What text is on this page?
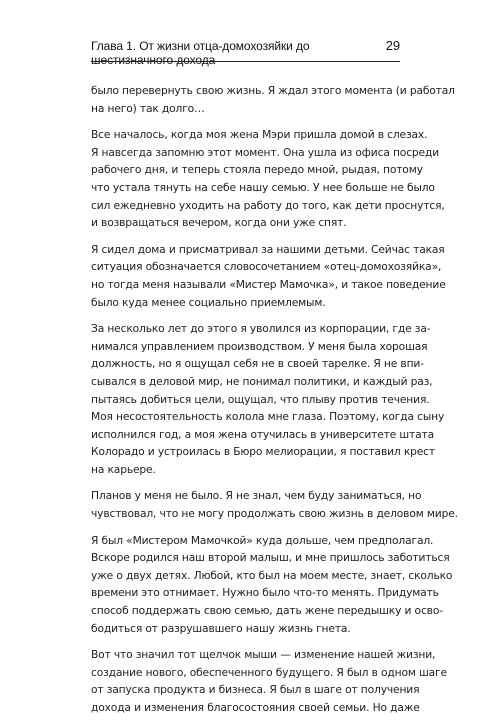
Глава 1. От жизни отца-домохозяйки до шестизначного дохода
29

было перевернуть свою жизнь. Я ждал этого момента (и работал
на него) так долго…

Все началось, когда моя жена Мэри пришла домой в слезах.
Я навсегда запомню этот момент. Она ушла из офиса посреди
рабочего дня, и теперь стояла передо мной, рыдая, потому
что устала тянуть на себе нашу семью. У нее больше не было
сил ежедневно уходить на работу до того, как дети проснутся,
и возвращаться вечером, когда они уже спят.

Я сидел дома и присматривал за нашими детьми. Сейчас такая
ситуация обозначается словосочетанием «отец-домохозяйка»,
но тогда меня называли «Мистер Мамочка», и такое поведение
было куда менее социально приемлемым.

За несколько лет до этого я уволился из корпорации, где за-
нимался управлением производством. У меня была хорошая
должность, но я ощущал себя не в своей тарелке. Я не впи-
сывался в деловой мир, не понимал политики, и каждый раз,
пытаясь добиться цели, ощущал, что плыву против течения.
Моя несостоятельность колола мне глаза. Поэтому, когда сыну
исполнился год, а моя жена отучилась в университете штата
Колорадо и устроилась в Бюро мелиорации, я поставил крест
на карьере.

Планов у меня не было. Я не знал, чем буду заниматься, но
чувствовал, что не могу продолжать свою жизнь в деловом мире.

Я был «Мистером Мамочкой» куда дольше, чем предполагал.
Вскоре родился наш второй малыш, и мне пришлось заботиться
уже о двух детях. Любой, кто был на моем месте, знает, сколько
времени это отнимает. Нужно было что-то менять. Придумать
способ поддержать свою семью, дать жене передышку и осво-
бодиться от разрушавшего нашу жизнь гнета.

Вот что значил тот щелчок мыши — изменение нашей жизни,
создание нового, обеспеченного будущего. Я был в одном шаге
от запуска продукта и бизнеса. Я был в шаге от получения
дохода и изменения благосостояния своей семьи. Но даже
